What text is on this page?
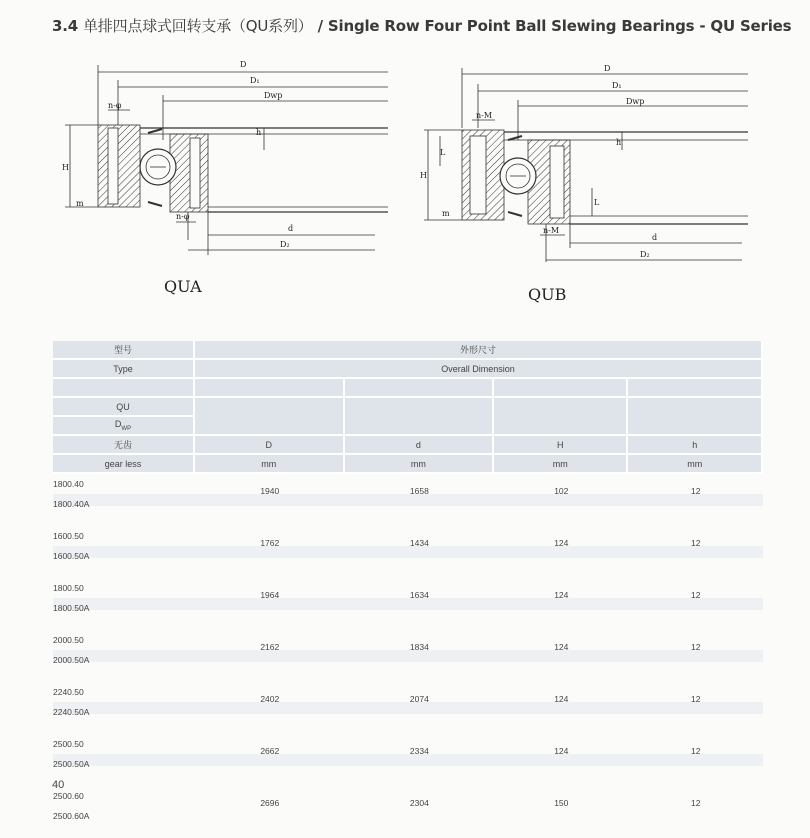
3.4 单排四点球式回转支承（QU系列） / Single Row Four Point Ball Slewing Bearings - QU Series
D
D₁
Dwp
n-φ
n-φ
H
h
m
d
D₂
QUA
D
D₁
Dwp
n-M
n-M
H
L
L
h
m
d
D₂
QUB
型号	外形尺寸			
Type	Overall Dimension			

QU				
$D_{WP}$
无齿	D	d	H	h
gear less	mm	mm	mm	mm

1800.40
1800.40A	1940	1658	102	12

1600.50
1600.50A	1762	1434	124	12

1800.50
1800.50A	1964	1634	124	12

2000.50
2000.50A	2162	1834	124	12

2240.50
2240.50A	2402	2074	124	12

2500.50
2500.50A	2662	2334	124	12

2500.60
2500.60A	2696	2304	150	12
40
